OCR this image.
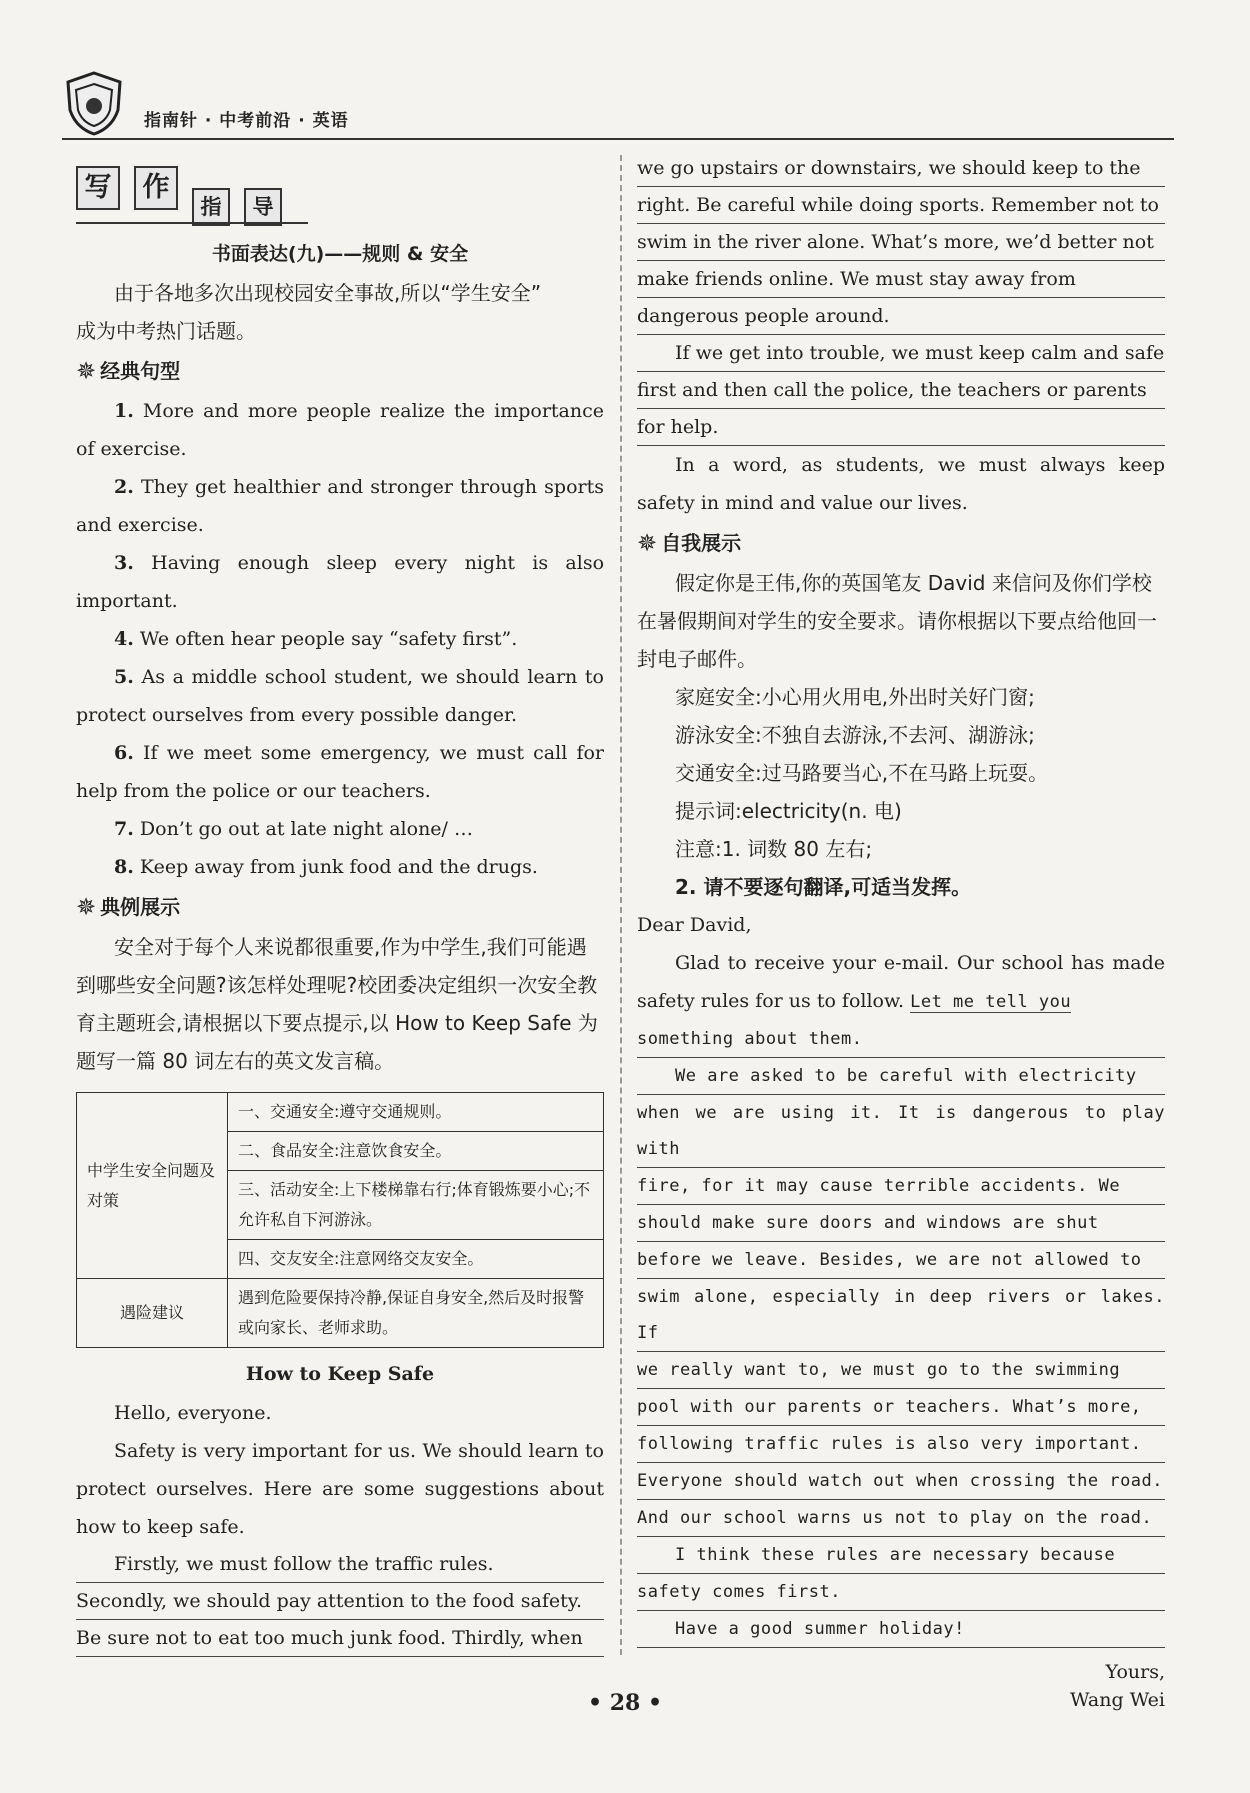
指南针 · 中考前沿 · 英语
写	作
指	导

书面表达(九)——规则 & 安全

由于各地多次出现校园安全事故,所以“学生安全”

成为中考热门话题。

✵ 经典句型

1. More and more people realize the importance of exercise.

2. They get healthier and stronger through sports and exercise.

3. Having enough sleep every night is also important.

4. We often hear people say “safety first”.

5. As a middle school student, we should learn to protect ourselves from every possible danger.

6. If we meet some emergency, we must call for help from the police or our teachers.

7. Don’t go out at late night alone/ …

8. Keep away from junk food and the drugs.

✵ 典例展示

安全对于每个人来说都很重要,作为中学生,我们可能遇到哪些安全问题?该怎样处理呢?校团委决定组织一次安全教育主题班会,请根据以下要点提示,以 How to Keep Safe 为题写一篇 80 词左右的英文发言稿。

中学生安全问题及对策	一、交通安全:遵守交通规则。
	二、食品安全:注意饮食安全。
	三、活动安全:上下楼梯靠右行;体育锻炼要小心;不允许私自下河游泳。
	四、交友安全:注意网络交友安全。
遇险建议	遇到危险要保持冷静,保证自身安全,然后及时报警或向家长、老师求助。

How to Keep Safe

Hello, everyone.

Safety is very important for us. We should learn to protect ourselves. Here are some suggestions about how to keep safe.

Firstly, we must follow the traffic rules.

Secondly, we should pay attention to the food safety.

Be sure not to eat too much junk food. Thirdly, when

we go upstairs or downstairs, we should keep to the

right. Be careful while doing sports. Remember not to

swim in the river alone. What’s more, we’d better not

make friends online. We must stay away from

dangerous people around.

If we get into trouble, we must keep calm and safe

first and then call the police, the teachers or parents

for help.

In a word, as students, we must always keep safety in mind and value our lives.

✵ 自我展示

假定你是王伟,你的英国笔友 David 来信问及你们学校在暑假期间对学生的安全要求。请你根据以下要点给他回一封电子邮件。

家庭安全:小心用火用电,外出时关好门窗;

游泳安全:不独自去游泳,不去河、湖游泳;

交通安全:过马路要当心,不在马路上玩耍。

提示词:electricity(n. 电)

注意:1. 词数 80 左右;

2. 请不要逐句翻译,可适当发挥。

Dear David,

Glad to receive your e-mail. Our school has made safety rules for us to follow. Let me tell you

something about them.

We are asked to be careful with electricity

when we are using it. It is dangerous to play with

fire, for it may cause terrible accidents. We

should make sure doors and windows are shut

before we leave. Besides, we are not allowed to

swim alone, especially in deep rivers or lakes. If

we really want to, we must go to the swimming

pool with our parents or teachers. What’s more,

following traffic rules is also very important.

Everyone should watch out when crossing the road.

And our school warns us not to play on the road.

I think these rules are necessary because

safety comes first.

Have a good summer holiday!

Yours,

Wang Wei

• 28 •
